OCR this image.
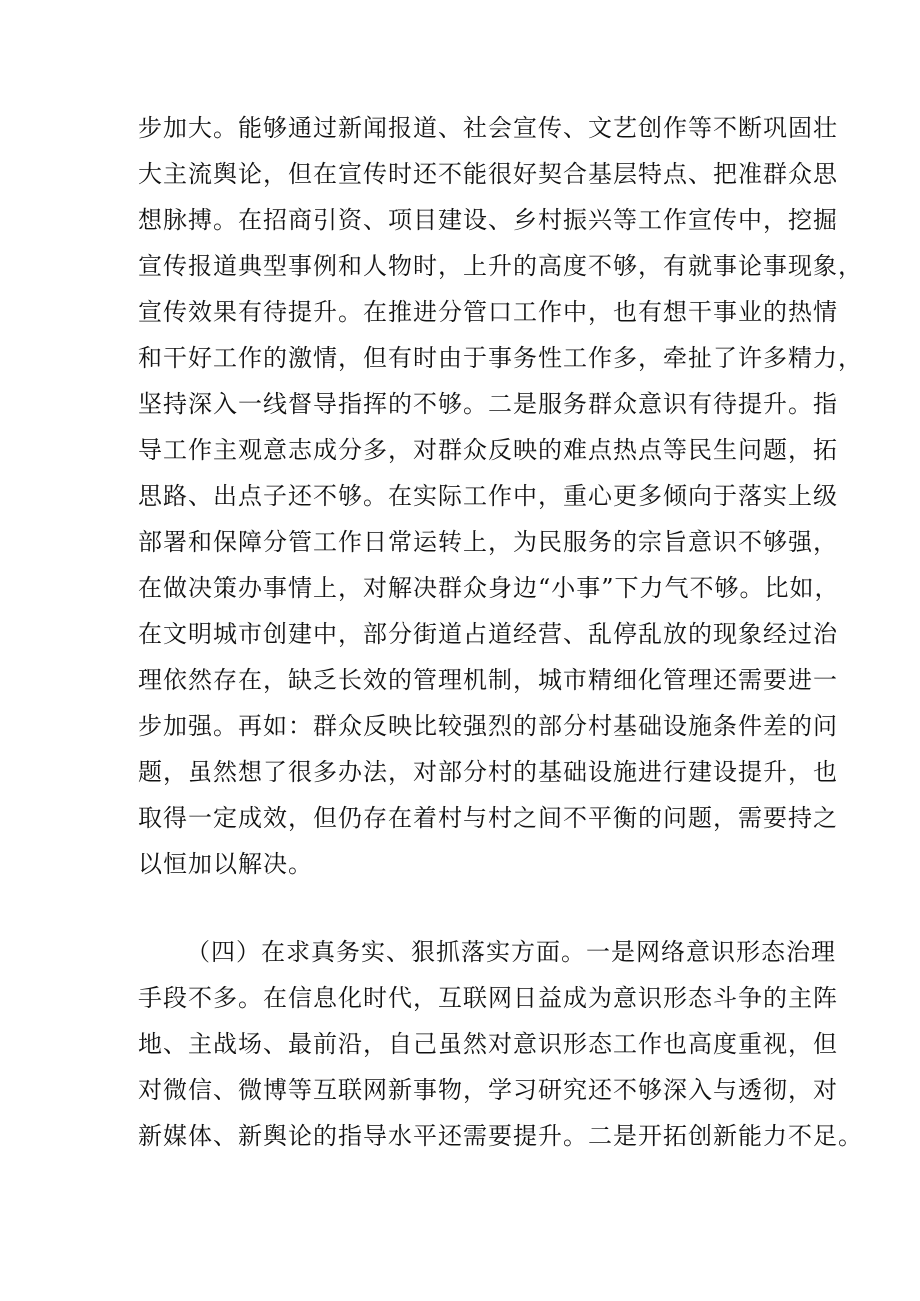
步加大。能够通过新闻报道、社会宣传、文艺创作等不断巩固壮
大主流舆论，但在宣传时还不能很好契合基层特点、把准群众思
想脉搏。在招商引资、项目建设、乡村振兴等工作宣传中，挖掘
宣传报道典型事例和人物时，上升的高度不够，有就事论事现象，
宣传效果有待提升。在推进分管口工作中，也有想干事业的热情
和干好工作的激情，但有时由于事务性工作多，牵扯了许多精力，
坚持深入一线督导指挥的不够。二是服务群众意识有待提升。指
导工作主观意志成分多，对群众反映的难点热点等民生问题，拓
思路、出点子还不够。在实际工作中，重心更多倾向于落实上级
部署和保障分管工作日常运转上，为民服务的宗旨意识不够强，
在做决策办事情上，对解决群众身边“小事”下力气不够。比如，
在文明城市创建中，部分街道占道经营、乱停乱放的现象经过治
理依然存在，缺乏长效的管理机制，城市精细化管理还需要进一
步加强。再如：群众反映比较强烈的部分村基础设施条件差的问
题，虽然想了很多办法，对部分村的基础设施进行建设提升，也
取得一定成效，但仍存在着村与村之间不平衡的问题，需要持之
以恒加以解决。
（四）在求真务实、狠抓落实方面。一是网络意识形态治理
手段不多。在信息化时代，互联网日益成为意识形态斗争的主阵
地、主战场、最前沿，自己虽然对意识形态工作也高度重视，但
对微信、微博等互联网新事物，学习研究还不够深入与透彻，对
新媒体、新舆论的指导水平还需要提升。二是开拓创新能力不足。
